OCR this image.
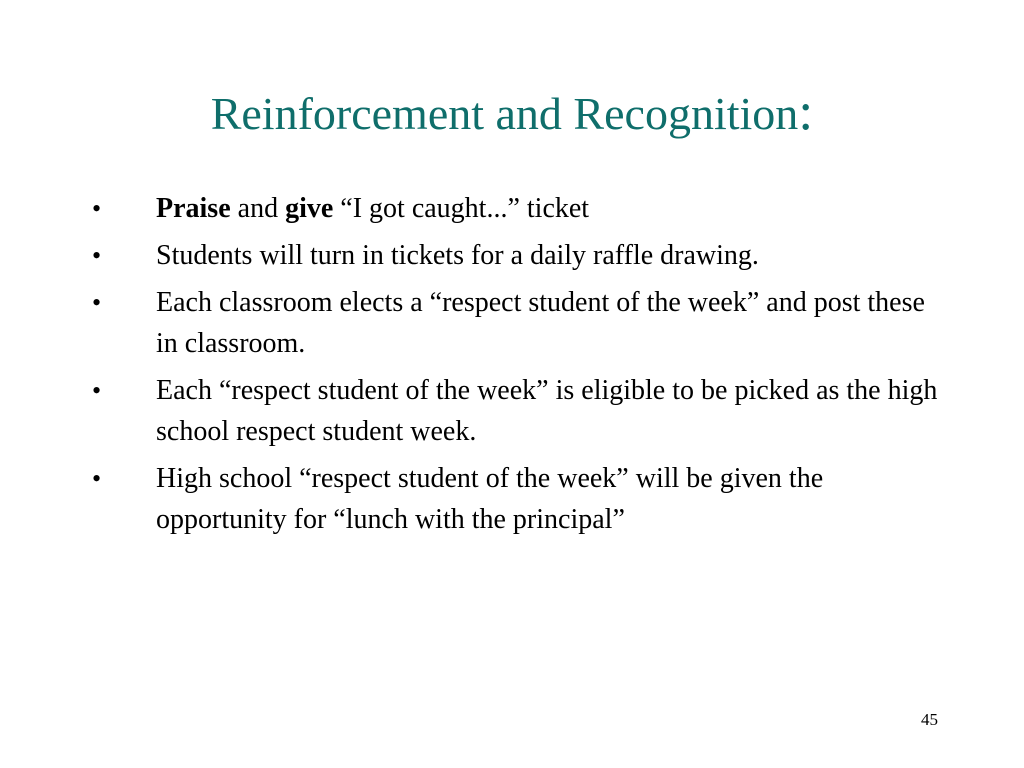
Reinforcement and Recognition:
• Praise and give “I got caught...” ticket
• Students will turn in tickets for a daily raffle drawing.
• Each classroom elects a “respect student of the week” and post these in classroom.
• Each “respect student of the week” is eligible to be picked as the high school respect student week.
• High school “respect student of the week” will be given the opportunity for “lunch with the principal”
45
